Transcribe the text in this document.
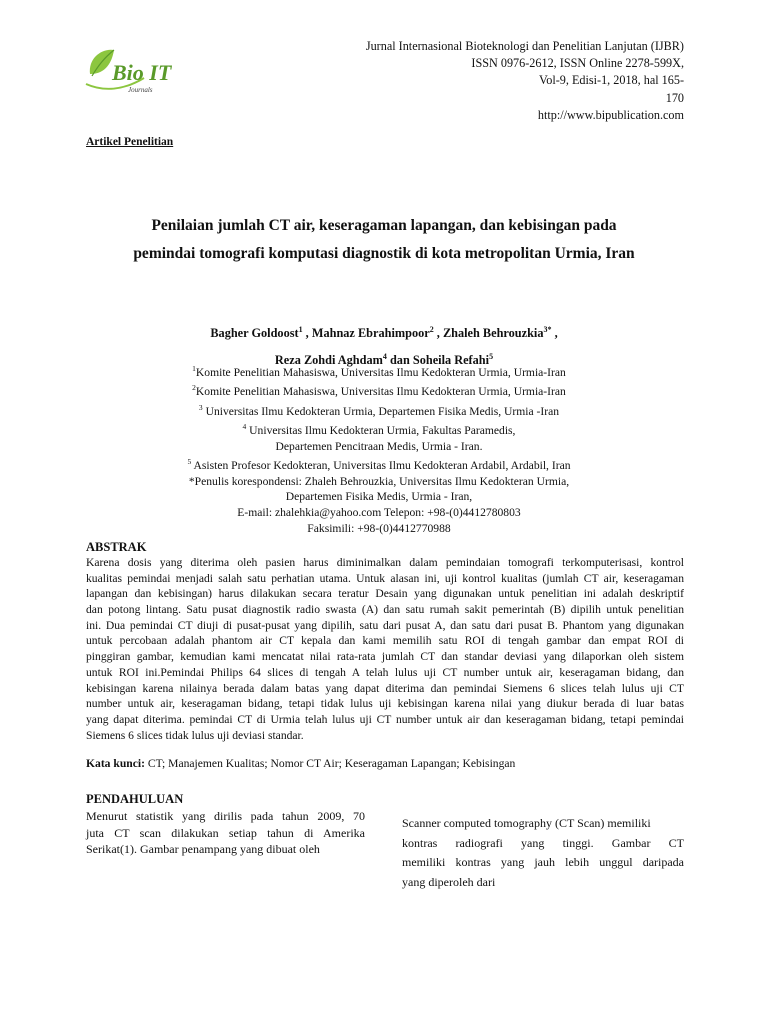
Bio IT
Journals
Jurnal Internasional Bioteknologi dan Penelitian Lanjutan (IJBR)
ISSN 0976-2612, ISSN Online 2278-599X,
Vol-9, Edisi-1, 2018, hal 165-
170
http://www.bipublication.com
Artikel Penelitian
Penilaian jumlah CT air, keseragaman lapangan, dan kebisingan pada
pemindai tomografi komputasi diagnostik di kota metropolitan Urmia, Iran
Bagher Goldoost$^1$ , Mahnaz Ebrahimpoor$^2$ , Zhaleh Behrouzkia$^{3*}$ ,
Reza Zohdi Aghdam$^4$ dan Soheila Refahi$^5$
$^1$Komite Penelitian Mahasiswa, Universitas Ilmu Kedokteran Urmia, Urmia-Iran
$^2$Komite Penelitian Mahasiswa, Universitas Ilmu Kedokteran Urmia, Urmia-Iran
$^3$ Universitas Ilmu Kedokteran Urmia, Departemen Fisika Medis, Urmia -Iran
$^4$ Universitas Ilmu Kedokteran Urmia, Fakultas Paramedis,
Departemen Pencitraan Medis, Urmia - Iran.
$^5$ Asisten Profesor Kedokteran, Universitas Ilmu Kedokteran Ardabil, Ardabil, Iran
*Penulis korespondensi: Zhaleh Behrouzkia, Universitas Ilmu Kedokteran Urmia,
Departemen Fisika Medis, Urmia - Iran,
E-mail: zhalehkia@yahoo.com Telepon: +98-(0)4412780803
Faksimili: +98-(0)4412770988
ABSTRAK
Karena dosis yang diterima oleh pasien harus diminimalkan dalam pemindaian tomografi terkomputerisasi, kontrol
kualitas pemindai menjadi salah satu perhatian utama. Untuk alasan ini, uji kontrol kualitas (jumlah CT air, keseragaman
lapangan dan kebisingan) harus dilakukan secara teratur Desain yang digunakan untuk penelitian ini adalah deskriptif
dan potong lintang. Satu pusat diagnostik radio swasta (A) dan satu rumah sakit pemerintah (B) dipilih untuk penelitian
ini. Dua pemindai CT diuji di pusat-pusat yang dipilih, satu dari pusat A, dan satu dari pusat B. Phantom yang digunakan
untuk percobaan adalah phantom air CT kepala dan kami memilih satu ROI di tengah gambar dan empat ROI di
pinggiran gambar, kemudian kami mencatat nilai rata-rata jumlah CT dan standar deviasi yang dilaporkan oleh sistem
untuk ROI ini.Pemindai Philips 64 slices di tengah A telah lulus uji CT number untuk air, keseragaman bidang, dan
kebisingan karena nilainya berada dalam batas yang dapat diterima dan pemindai Siemens 6 slices telah lulus uji CT
number untuk air, keseragaman bidang, tetapi tidak lulus uji kebisingan karena nilai yang diukur berada di luar batas
yang dapat diterima. pemindai CT di Urmia telah lulus uji CT number untuk air dan keseragaman bidang, tetapi pemindai
Siemens 6 slices tidak lulus uji deviasi standar.
Kata kunci: CT; Manajemen Kualitas; Nomor CT Air; Keseragaman Lapangan; Kebisingan
PENDAHULUAN
Menurut statistik yang dirilis pada tahun 2009, 70
juta CT scan dilakukan setiap tahun di Amerika
Serikat(1). Gambar penampang yang dibuat oleh
Scanner computed tomography (CT Scan) memiliki
kontras radiografi yang tinggi. Gambar CT
memiliki kontras yang jauh lebih unggul daripada
yang diperoleh dari
